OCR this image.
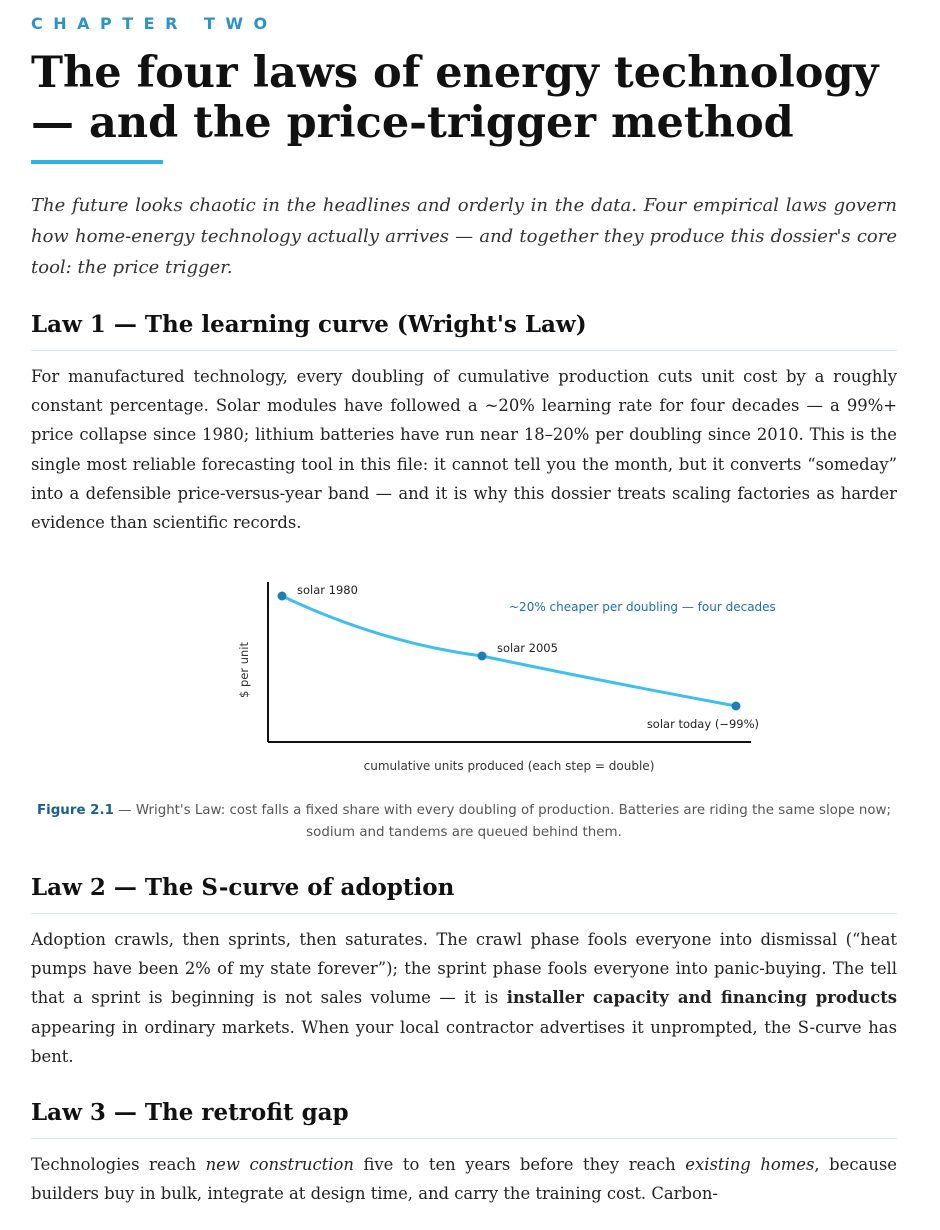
CHAPTER TWO
The four laws of energy technology — and the price-trigger method

The future looks chaotic in the headlines and orderly in the data. Four empirical laws govern how home-energy technology actually arrives — and together they produce this dossier's core tool: the price trigger.

Law 1 — The learning curve (Wright's Law)

For manufactured technology, every doubling of cumulative production cuts unit cost by a roughly constant percentage. Solar modules have followed a ~20% learning rate for four decades — a 99%+ price collapse since 1980; lithium batteries have run near 18–20% per doubling since 2010. This is the single most reliable forecasting tool in this file: it cannot tell you the month, but it converts “someday” into a defensible price-versus-year band — and it is why this dossier treats scaling factories as harder evidence than scientific records.

$ per unit
cumulative units produced (each step = double)
solar 1980
solar 2005
solar today (−99%)
~20% cheaper per doubling — four decades

Figure 2.1 — Wright's Law: cost falls a fixed share with every doubling of production. Batteries are riding the same slope now; sodium and tandems are queued behind them.

Law 2 — The S-curve of adoption

Adoption crawls, then sprints, then saturates. The crawl phase fools everyone into dismissal (“heat pumps have been 2% of my state forever”); the sprint phase fools everyone into panic-buying. The tell that a sprint is beginning is not sales volume — it is installer capacity and financing products appearing in ordinary markets. When your local contractor advertises it unprompted, the S-curve has bent.

Law 3 — The retrofit gap

Technologies reach new construction five to ten years before they reach existing homes, because builders buy in bulk, integrate at design time, and carry the training cost. Carbon-
